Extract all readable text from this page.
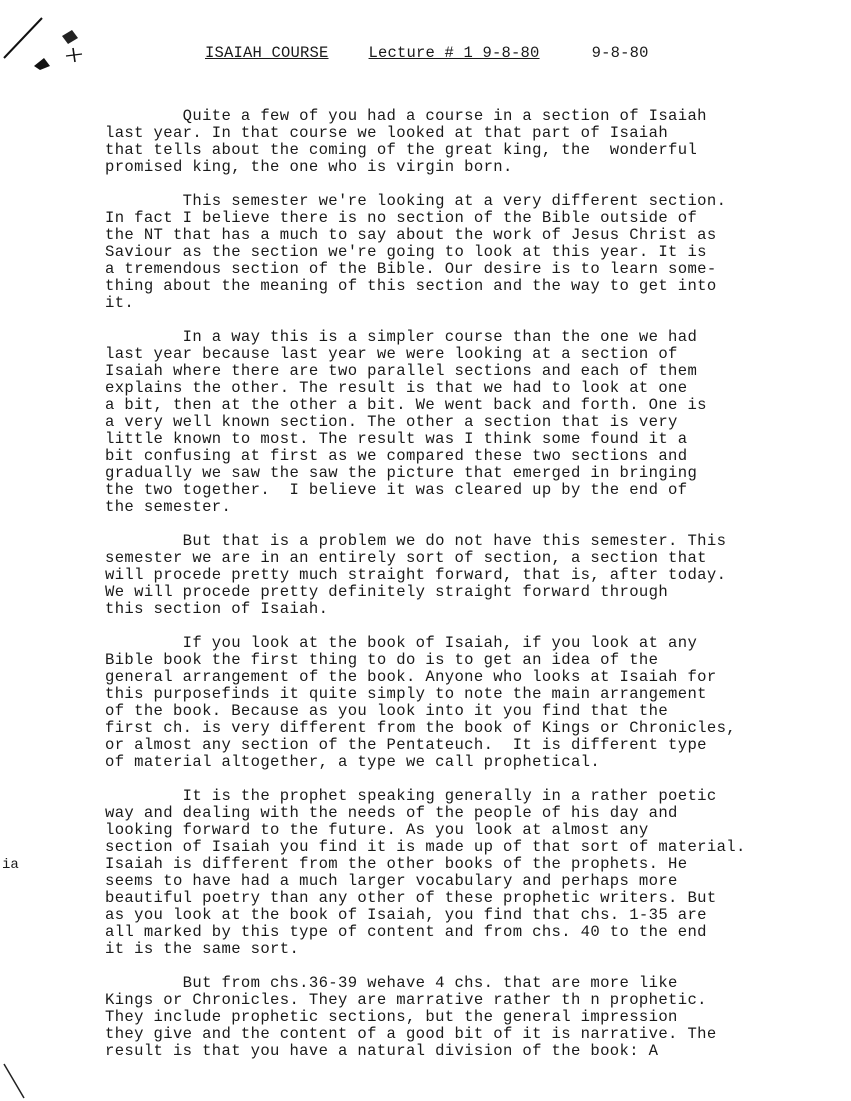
ISAIAH COURSE	Lecture # 1 9-8-80	9-8-80
ia
Quite a few of you had a course in a section of Isaiah
last year. In that course we looked at that part of Isaiah
that tells about the coming of the great king, the  wonderful
promised king, the one who is virgin born.
This semester we're looking at a very different section.
In fact I believe there is no section of the Bible outside of
the NT that has a much to say about the work of Jesus Christ as
Saviour as the section we're going to look at this year. It is
a tremendous section of the Bible. Our desire is to learn some-
thing about the meaning of this section and the way to get into
it.
In a way this is a simpler course than the one we had
last year because last year we were looking at a section of
Isaiah where there are two parallel sections and each of them
explains the other. The result is that we had to look at one
a bit, then at the other a bit. We went back and forth. One is
a very well known section. The other a section that is very
little known to most. The result was I think some found it a
bit confusing at first as we compared these two sections and
gradually we saw the saw the picture that emerged in bringing
the two together.  I believe it was cleared up by the end of
the semester.
But that is a problem we do not have this semester. This
semester we are in an entirely sort of section, a section that
will procede pretty much straight forward, that is, after today.
We will procede pretty definitely straight forward through
this section of Isaiah.
If you look at the book of Isaiah, if you look at any
Bible book the first thing to do is to get an idea of the
general arrangement of the book. Anyone who looks at Isaiah for
this purposefinds it quite simply to note the main arrangement
of the book. Because as you look into it you find that the
first ch. is very different from the book of Kings or Chronicles,
or almost any section of the Pentateuch.  It is different type
of material altogether, a type we call prophetical.
It is the prophet speaking generally in a rather poetic
way and dealing with the needs of the people of his day and
looking forward to the future. As you look at almost any
section of Isaiah you find it is made up of that sort of material.
Isaiah is different from the other books of the prophets. He
seems to have had a much larger vocabulary and perhaps more
beautiful poetry than any other of these prophetic writers. But
as you look at the book of Isaiah, you find that chs. 1-35 are
all marked by this type of content and from chs. 40 to the end
it is the same sort.
But from chs.36-39 wehave 4 chs. that are more like
Kings or Chronicles. They are marrative rather th n prophetic.
They include prophetic sections, but the general impression
they give and the content of a good bit of it is narrative. The
result is that you have a natural division of the book: A
